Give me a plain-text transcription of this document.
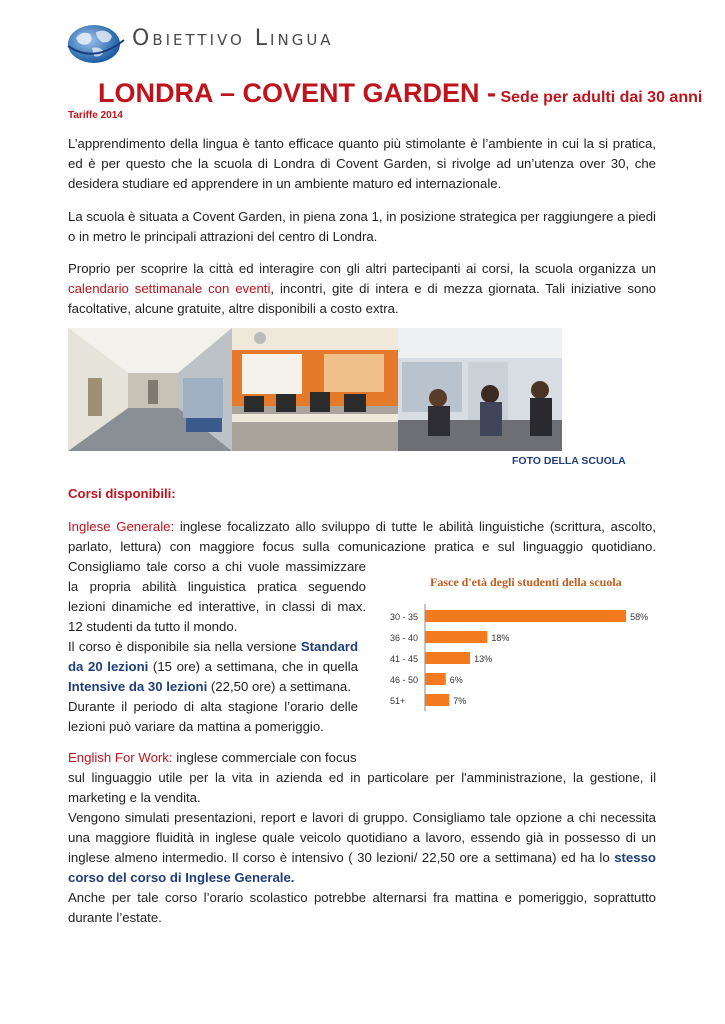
Obiettivo Lingua
LONDRA – COVENT GARDEN - Sede per adulti dai 30 anni
Tariffe 2014
L’apprendimento della lingua è tanto efficace quanto più stimolante è l’ambiente in cui la si pratica, ed è per questo che la scuola di Londra di Covent Garden, si rivolge ad un’utenza over 30, che desidera studiare ed apprendere in un ambiente maturo ed internazionale.
La scuola è situata a Covent Garden, in piena zona 1, in posizione strategica per raggiungere a piedi o in metro le principali attrazioni del centro di Londra.
Proprio per scoprire la città ed interagire con gli altri partecipanti ai corsi, la scuola organizza un calendario settimanale con eventi, incontri, gite di intera e di mezza giornata. Tali iniziative sono facoltative, alcune gratuite, altre disponibili a costo extra.
FOTO DELLA SCUOLA
Corsi disponibili:
Inglese Generale: inglese focalizzato allo sviluppo di tutte le abilità linguistiche (scrittura, ascolto,
parlato, lettura) con maggiore focus sulla comunicazione pratica e sul linguaggio quotidiano.
Consigliamo tale corso a chi vuole massimizzare
la propria abilità linguistica pratica seguendo
lezioni dinamiche ed interattive, in classi di max.
12 studenti da tutto il mondo.
Il corso è disponibile sia nella versione Standard
da 20 lezioni (15 ore) a settimana, che in quella
Intensive da 30 lezioni (22,50 ore) a settimana.
Durante il periodo di alta stagione l’orario delle
lezioni può variare da mattina a pomeriggio.
English For Work: inglese commerciale con focus
sul linguaggio utile per la vita in azienda ed in particolare per l'amministrazione, la gestione, il
marketing e la vendita.
Vengono simulati presentazioni, report e lavori di gruppo. Consigliamo tale opzione a chi necessita
una maggiore fluidità in inglese quale veicolo quotidiano a lavoro, essendo già in possesso di un
inglese almeno intermedio. Il corso è intensivo ( 30 lezioni/ 22,50 ore a settimana) ed ha lo stesso
corso del corso di Inglese Generale.
Anche per tale corso l’orario scolastico potrebbe alternarsi fra mattina e pomeriggio, soprattutto
durante l’estate.
Fasce d'età degli studenti della scuola
30 - 35	58%
36 - 40	18%
41 - 45	13%
46 - 50	6%
51+	7%
